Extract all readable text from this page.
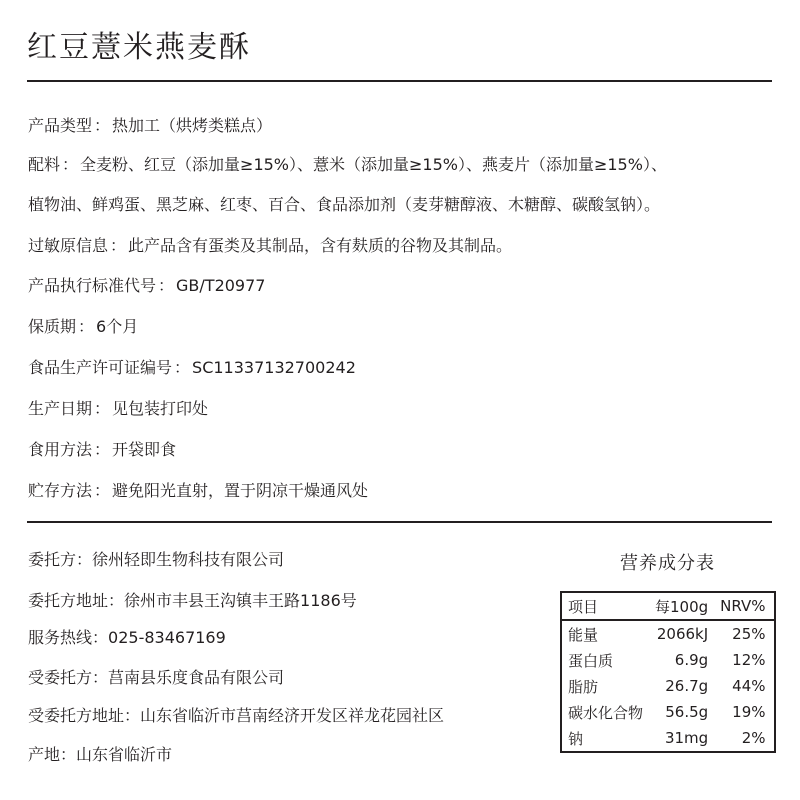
红豆薏米燕麦酥
产品类型 ： 热加工（烘烤类糕点）
配料 ： 全麦粉、红豆（添加量≥15%）、薏米（添加量≥15%）、燕麦片（添加量≥15%）、
植物油、鲜鸡蛋、黑芝麻、红枣、百合、食品添加剂（麦芽糖醇液、木糖醇、碳酸氢钠）。
过敏原信息 ： 此产品含有蛋类及其制品，含有麸质的谷物及其制品。
产品执行标准代号 ： GB/T20977
保质期 ： 6个月
食品生产许可证编号 ： SC11337132700242
生产日期 ： 见包装打印处
食用方法 ： 开袋即食
贮存方法 ： 避免阳光直射，置于阴凉干燥通风处
委托方：徐州轻即生物科技有限公司
委托方地址：徐州市丰县王沟镇丰王路1186号
服务热线：025-83467169
受委托方：莒南县乐度食品有限公司
受委托方地址：山东省临沂市莒南经济开发区祥龙花园社区
产地：山东省临沂市
营养成分表
项目	每100g	NRV%
能量	2066kJ	25%
蛋白质	6.9g	12%
脂肪	26.7g	44%
碳水化合物	56.5g	19%
钠	31mg	2%
